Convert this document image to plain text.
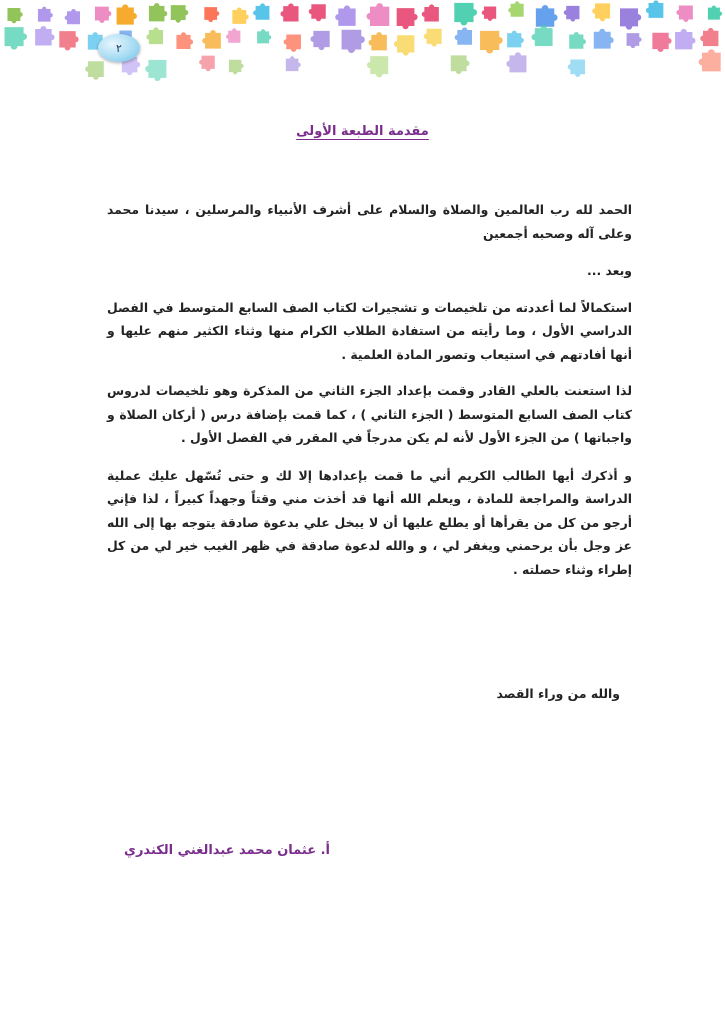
٢
مقدمة الطبعة الأولى

الحمد لله رب العالمين والصلاة والسلام على أشرف الأنبياء والمرسلين ، سيدنا محمد وعلى آله وصحبه أجمعين

وبعد ...

استكمالاً لما أعددته من تلخيصات و تشجيرات لكتاب الصف السابع المتوسط في الفصل الدراسي الأول ، وما رأيته من استفادة الطلاب الكرام منها وثناء الكثير منهم عليها و أنها أفادتهم في استيعاب وتصور المادة العلمية .

لذا استعنت بالعلي القادر وقمت بإعداد الجزء الثاني من المذكرة وهو تلخيصات لدروس كتاب الصف السابع المتوسط ( الجزء الثاني ) ، كما قمت بإضافة درس ( أركان الصلاة و واجباتها ) من الجزء الأول لأنه لم يكن مدرجاً في المقرر في الفصل الأول .

و أذكرك أيها الطالب الكريم أني ما قمت بإعدادها إلا لك و حتى تُسّهل عليك عملية الدراسة والمراجعة للمادة ، ويعلم الله أنها قد أخذت مني وقتاً وجهداً كبيراً ، لذا فإني أرجو من كل من يقرأها أو يطلع عليها أن لا يبخل علي بدعوة صادقة يتوجه بها إلى الله عز وجل بأن يرحمني ويغفر لي ، و والله لدعوة صادقة في ظهر الغيب خير لي من كل إطراء وثناء حصلته .

والله من وراء القصد
أ. عثمان محمد عبدالغني الكندري
